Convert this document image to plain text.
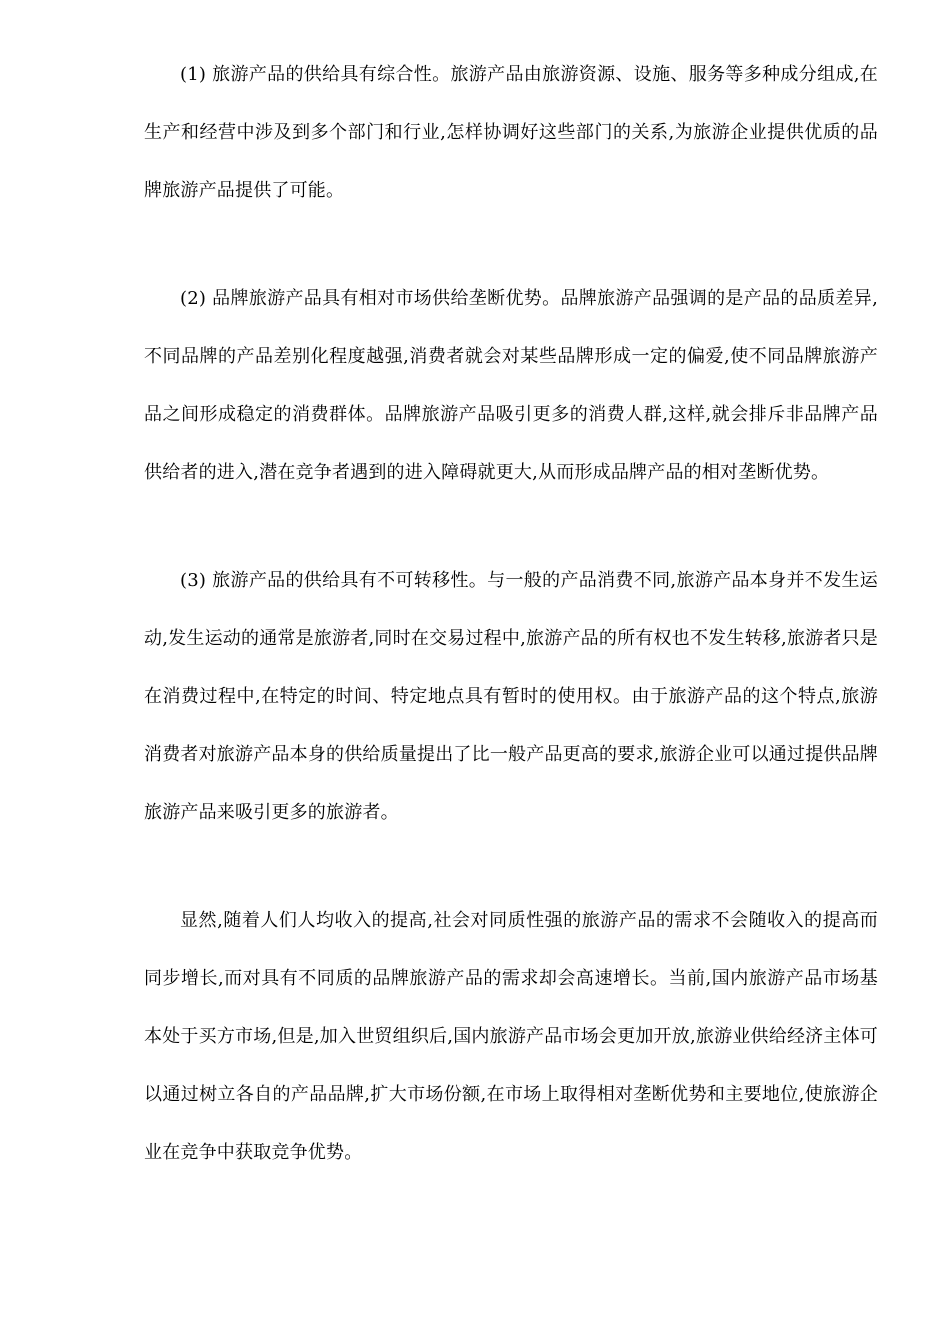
(1) 旅游产品的供给具有综合性。旅游产品由旅游资源、设施、服务等多种成分组成,在生产和经营中涉及到多个部门和行业,怎样协调好这些部门的关系,为旅游企业提供优质的品牌旅游产品提供了可能。

(2) 品牌旅游产品具有相对市场供给垄断优势。品牌旅游产品强调的是产品的品质差异,不同品牌的产品差别化程度越强,消费者就会对某些品牌形成一定的偏爱,使不同品牌旅游产品之间形成稳定的消费群体。品牌旅游产品吸引更多的消费人群,这样,就会排斥非品牌产品供给者的进入,潜在竞争者遇到的进入障碍就更大,从而形成品牌产品的相对垄断优势。

(3) 旅游产品的供给具有不可转移性。与一般的产品消费不同,旅游产品本身并不发生运动,发生运动的通常是旅游者,同时在交易过程中,旅游产品的所有权也不发生转移,旅游者只是在消费过程中,在特定的时间、特定地点具有暂时的使用权。由于旅游产品的这个特点,旅游消费者对旅游产品本身的供给质量提出了比一般产品更高的要求,旅游企业可以通过提供品牌旅游产品来吸引更多的旅游者。

显然,随着人们人均收入的提高,社会对同质性强的旅游产品的需求不会随收入的提高而同步增长,而对具有不同质的品牌旅游产品的需求却会高速增长。当前,国内旅游产品市场基本处于买方市场,但是,加入世贸组织后,国内旅游产品市场会更加开放,旅游业供给经济主体可以通过树立各自的产品品牌,扩大市场份额,在市场上取得相对垄断优势和主要地位,使旅游企业在竞争中获取竞争优势。
